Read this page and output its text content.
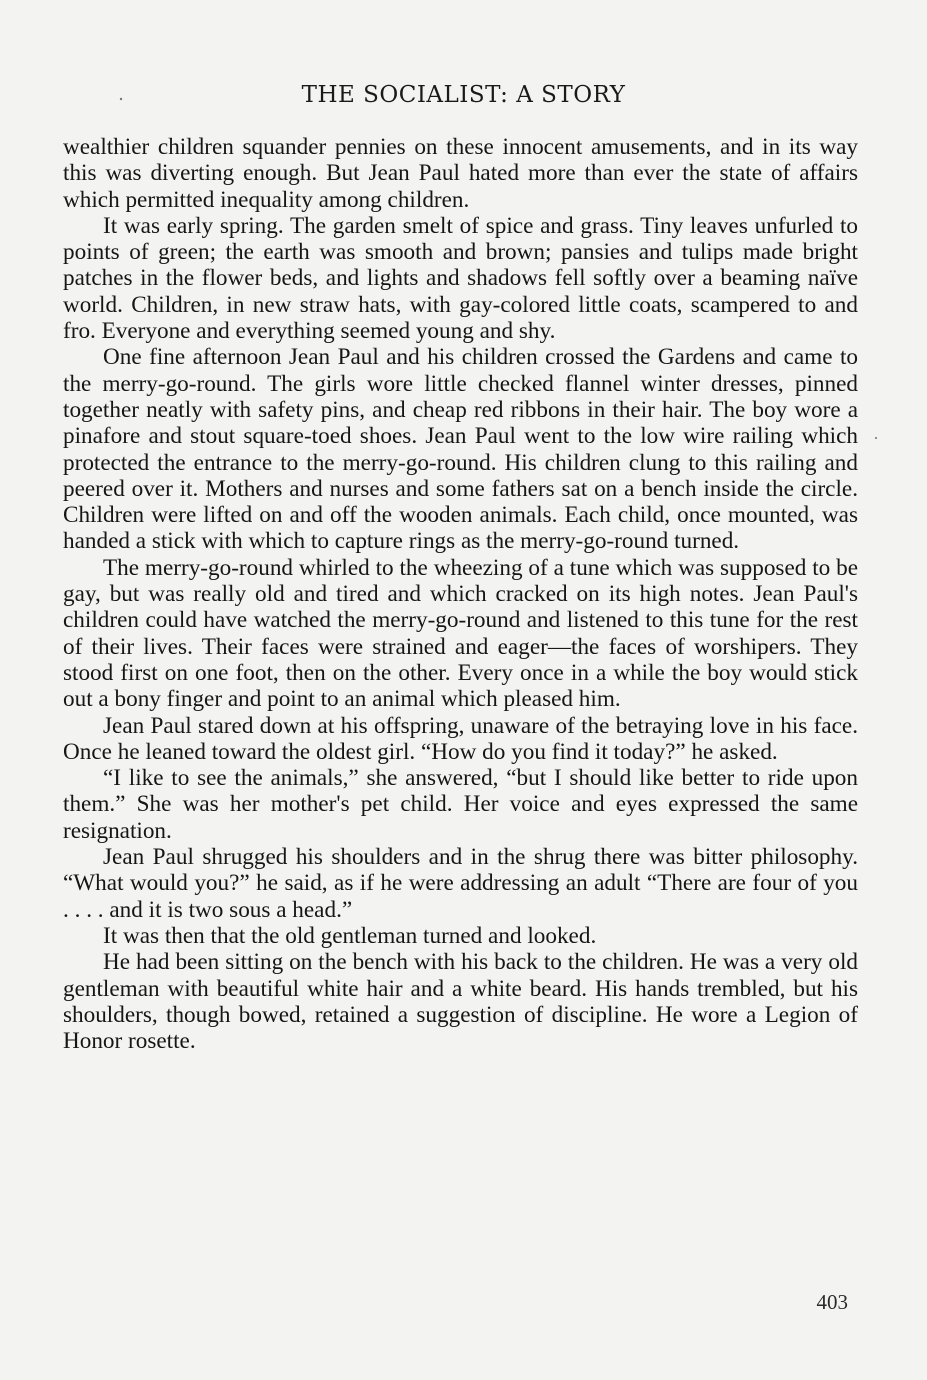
THE SOCIALIST: A STORY

wealthier children squander pennies on these innocent amusements, and in its way this was diverting enough. But Jean Paul hated more than ever the state of affairs which permitted inequality among children.

It was early spring. The garden smelt of spice and grass. Tiny leaves unfurled to points of green; the earth was smooth and brown; pansies and tulips made bright patches in the flower beds, and lights and shadows fell softly over a beaming naïve world. Children, in new straw hats, with gay-colored little coats, scampered to and fro. Everyone and everything seemed young and shy.

One fine afternoon Jean Paul and his children crossed the Gardens and came to the merry-go-round. The girls wore little checked flannel winter dresses, pinned together neatly with safety pins, and cheap red ribbons in their hair. The boy wore a pinafore and stout square-toed shoes. Jean Paul went to the low wire railing which protected the entrance to the merry-go-round. His children clung to this railing and peered over it. Mothers and nurses and some fathers sat on a bench inside the circle. Children were lifted on and off the wooden animals. Each child, once mounted, was handed a stick with which to capture rings as the merry-go-round turned.

The merry-go-round whirled to the wheezing of a tune which was supposed to be gay, but was really old and tired and which cracked on its high notes. Jean Paul's children could have watched the merry-go-round and listened to this tune for the rest of their lives. Their faces were strained and eager—the faces of worshipers. They stood first on one foot, then on the other. Every once in a while the boy would stick out a bony finger and point to an animal which pleased him.

Jean Paul stared down at his offspring, unaware of the betraying love in his face. Once he leaned toward the oldest girl. “How do you find it today?” he asked.

“I like to see the animals,” she answered, “but I should like better to ride upon them.” She was her mother's pet child. Her voice and eyes expressed the same resignation.

Jean Paul shrugged his shoulders and in the shrug there was bitter philosophy. “What would you?” he said, as if he were addressing an adult “There are four of you . . . . and it is two sous a head.”

It was then that the old gentleman turned and looked.

He had been sitting on the bench with his back to the children. He was a very old gentleman with beautiful white hair and a white beard. His hands trembled, but his shoulders, though bowed, retained a suggestion of discipline. He wore a Legion of Honor rosette.

403
